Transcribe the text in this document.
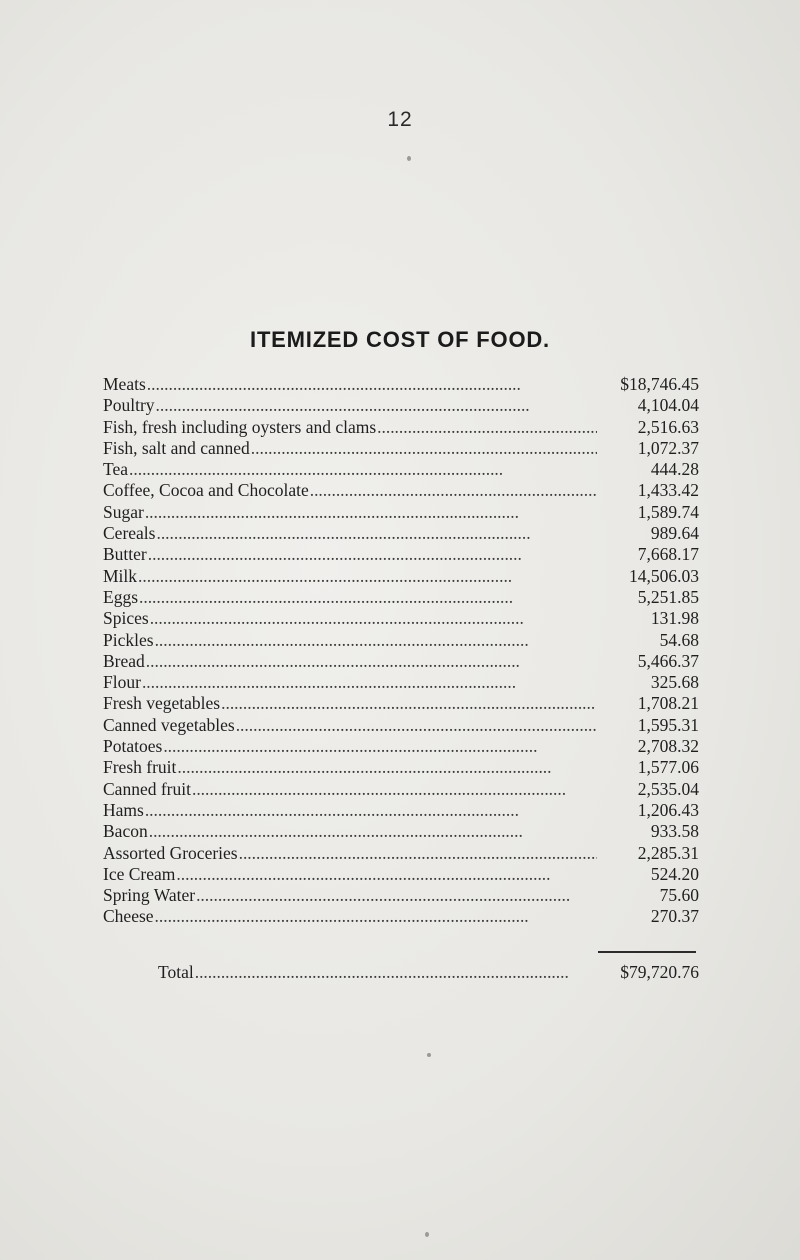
12
ITEMIZED COST OF FOOD.
Meats . . .	$18,746.45
Poultry . . .	4,104.04
Fish, fresh including oysters and clams . . .	2,516.63
Fish, salt and canned . . .	1,072.37
Tea . . .	444.28
Coffee, Cocoa and Chocolate . . .	1,433.42
Sugar . . .	1,589.74
Cereals . . .	989.64
Butter . . .	7,668.17
Milk . . .	14,506.03
Eggs . . .	5,251.85
Spices . . .	131.98
Pickles . . .	54.68
Bread . . .	5,466.37
Flour . . .	325.68
Fresh vegetables . . .	1,708.21
Canned vegetables . . .	1,595.31
Potatoes . . .	2,708.32
Fresh fruit . . .	1,577.06
Canned fruit . . .	2,535.04
Hams . . .	1,206.43
Bacon . . .	933.58
Assorted Groceries . . .	2,285.31
Ice Cream . . .	524.20
Spring Water . . .	75.60
Cheese . . .	270.37
Total . . .	$79,720.76
